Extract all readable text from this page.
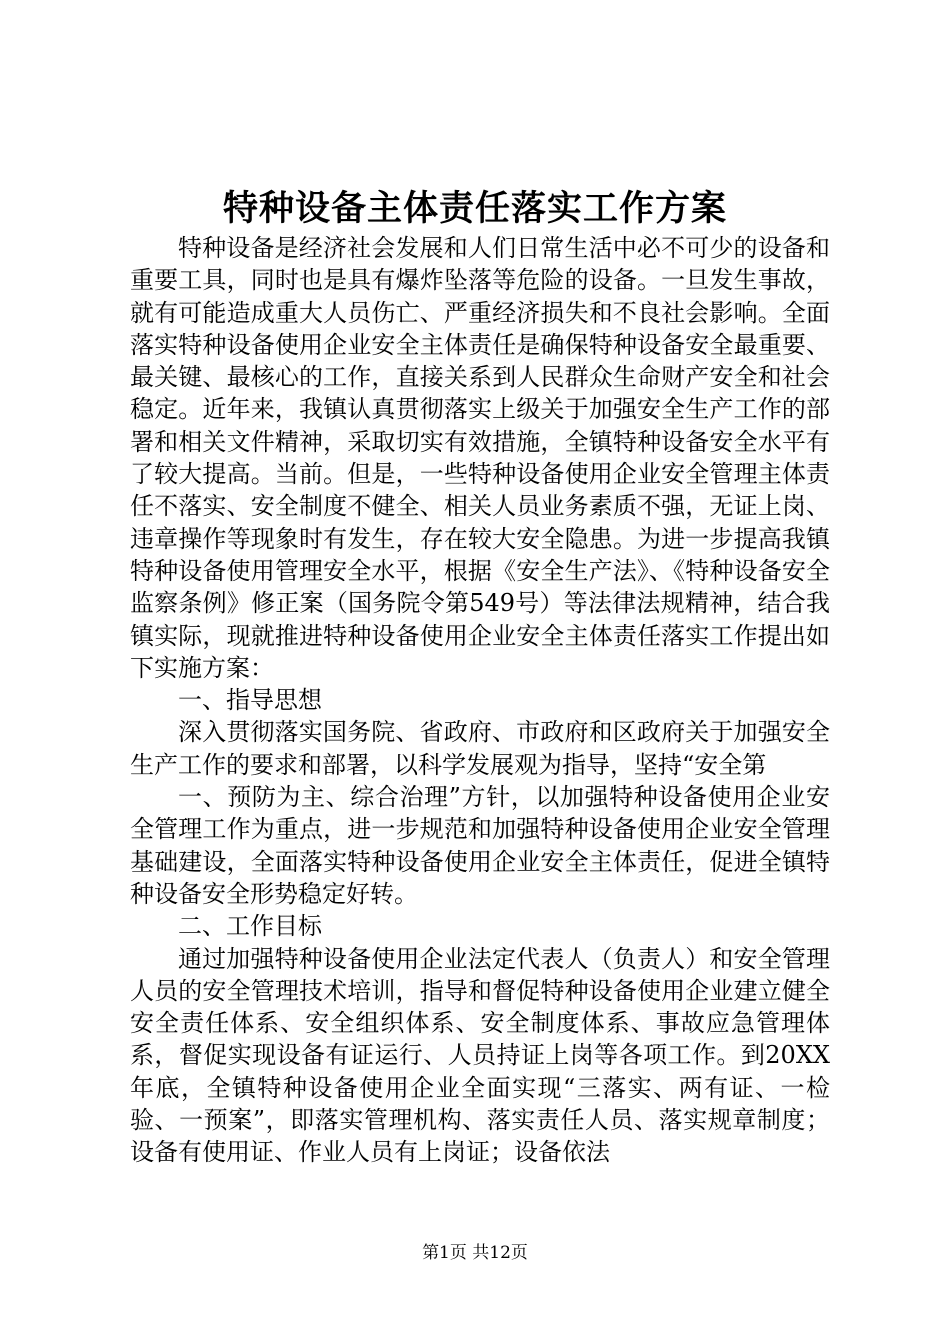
特种设备主体责任落实工作方案

特种设备是经济社会发展和人们日常生活中必不可少的设备和重要工具，同时也是具有爆炸坠落等危险的设备。一旦发生事故，就有可能造成重大人员伤亡、严重经济损失和不良社会影响。全面落实特种设备使用企业安全主体责任是确保特种设备安全最重要、最关键、最核心的工作，直接关系到人民群众生命财产安全和社会稳定。近年来，我镇认真贯彻落实上级关于加强安全生产工作的部署和相关文件精神，采取切实有效措施，全镇特种设备安全水平有了较大提高。当前。但是，一些特种设备使用企业安全管理主体责任不落实、安全制度不健全、相关人员业务素质不强，无证上岗、违章操作等现象时有发生，存在较大安全隐患。为进一步提高我镇特种设备使用管理安全水平，根据《安全生产法》、《特种设备安全监察条例》修正案（国务院令第549号）等法律法规精神，结合我镇实际，现就推进特种设备使用企业安全主体责任落实工作提出如下实施方案：

一、指导思想

深入贯彻落实国务院、省政府、市政府和区政府关于加强安全生产工作的要求和部署，以科学发展观为指导，坚持“安全第

一、预防为主、综合治理”方针，以加强特种设备使用企业安全管理工作为重点，进一步规范和加强特种设备使用企业安全管理基础建设，全面落实特种设备使用企业安全主体责任，促进全镇特种设备安全形势稳定好转。

二、工作目标

通过加强特种设备使用企业法定代表人（负责人）和安全管理人员的安全管理技术培训，指导和督促特种设备使用企业建立健全安全责任体系、安全组织体系、安全制度体系、事故应急管理体系，督促实现设备有证运行、人员持证上岗等各项工作。到20XX年底，全镇特种设备使用企业全面实现“三落实、两有证、一检验、一预案”，即落实管理机构、落实责任人员、落实规章制度；设备有使用证、作业人员有上岗证；设备依法

第1页 共12页
